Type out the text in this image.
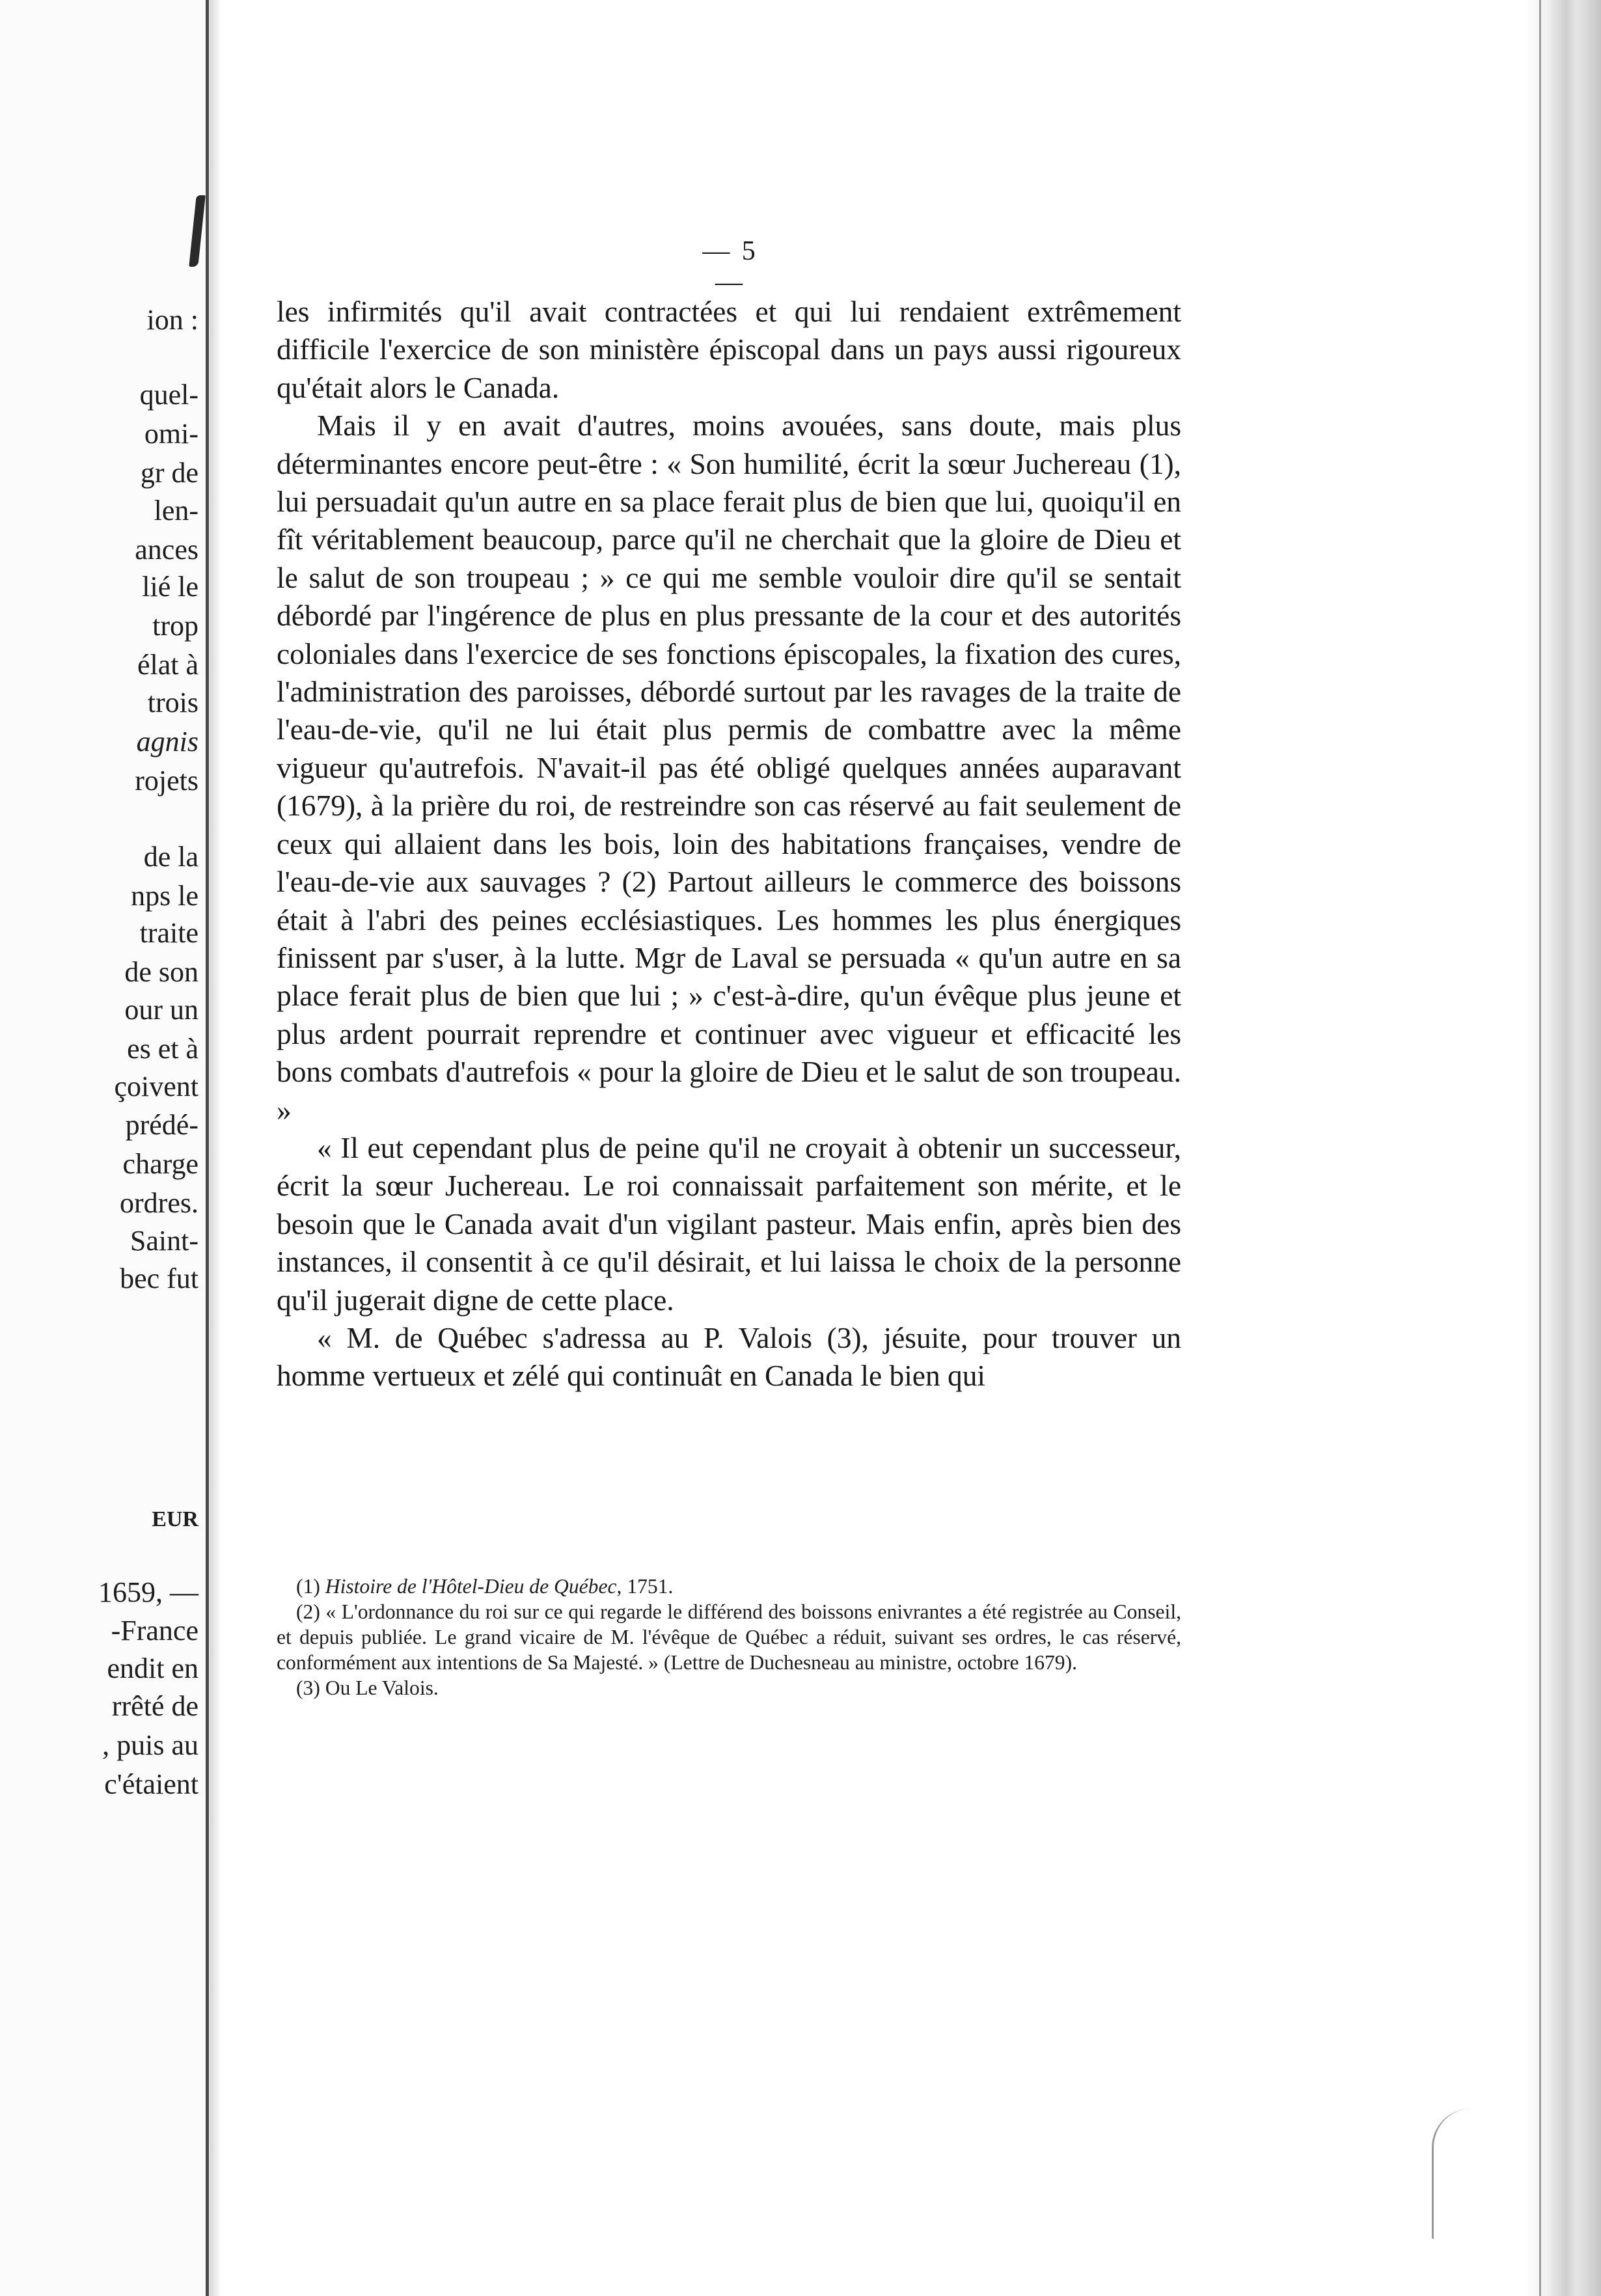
ion :
quel-
omi-
gr de
len-
ances
lié le
trop
élat à
trois
agnis
rojets
de la
nps le
traite
de son
our un
es et à
çoivent
prédé-
charge
ordres.
Saint-
bec fut
EUR
1659, —
-France
endit en
rrêté de
, puis au
c'étaient
— 5 —

les infirmités qu'il avait contractées et qui lui rendaient extrêmement difficile l'exercice de son ministère épiscopal dans un pays aussi rigoureux qu'était alors le Canada.

Mais il y en avait d'autres, moins avouées, sans doute, mais plus déterminantes encore peut-être : « Son humilité, écrit la sœur Juchereau (1), lui persuadait qu'un autre en sa place ferait plus de bien que lui, quoiqu'il en fît véritablement beaucoup, parce qu'il ne cherchait que la gloire de Dieu et le salut de son troupeau ; » ce qui me semble vouloir dire qu'il se sentait débordé par l'ingérence de plus en plus pressante de la cour et des autorités coloniales dans l'exercice de ses fonctions épiscopales, la fixation des cures, l'administration des paroisses, débordé surtout par les ravages de la traite de l'eau-de-vie, qu'il ne lui était plus permis de combattre avec la même vigueur qu'autrefois. N'avait-il pas été obligé quelques années auparavant (1679), à la prière du roi, de restreindre son cas réservé au fait seulement de ceux qui allaient dans les bois, loin des habitations françaises, vendre de l'eau-de-vie aux sauvages ? (2) Partout ailleurs le commerce des boissons était à l'abri des peines ecclésiastiques. Les hommes les plus énergiques finissent par s'user, à la lutte. Mgr de Laval se persuada « qu'un autre en sa place ferait plus de bien que lui ; » c'est-à-dire, qu'un évêque plus jeune et plus ardent pourrait reprendre et continuer avec vigueur et efficacité les bons combats d'autrefois « pour la gloire de Dieu et le salut de son troupeau. »

« Il eut cependant plus de peine qu'il ne croyait à obtenir un successeur, écrit la sœur Juchereau. Le roi connaissait parfaitement son mérite, et le besoin que le Canada avait d'un vigilant pasteur. Mais enfin, après bien des instances, il consentit à ce qu'il désirait, et lui laissa le choix de la personne qu'il jugerait digne de cette place.

« M. de Québec s'adressa au P. Valois (3), jésuite, pour trouver un homme vertueux et zélé qui continuât en Canada le bien qui

(1) Histoire de l'Hôtel-Dieu de Québec, 1751.

(2) « L'ordonnance du roi sur ce qui regarde le différend des boissons enivrantes a été registrée au Conseil, et depuis publiée. Le grand vicaire de M. l'évêque de Québec a réduit, suivant ses ordres, le cas réservé, conformément aux intentions de Sa Majesté. » (Lettre de Duchesneau au ministre, octobre 1679).

(3) Ou Le Valois.
